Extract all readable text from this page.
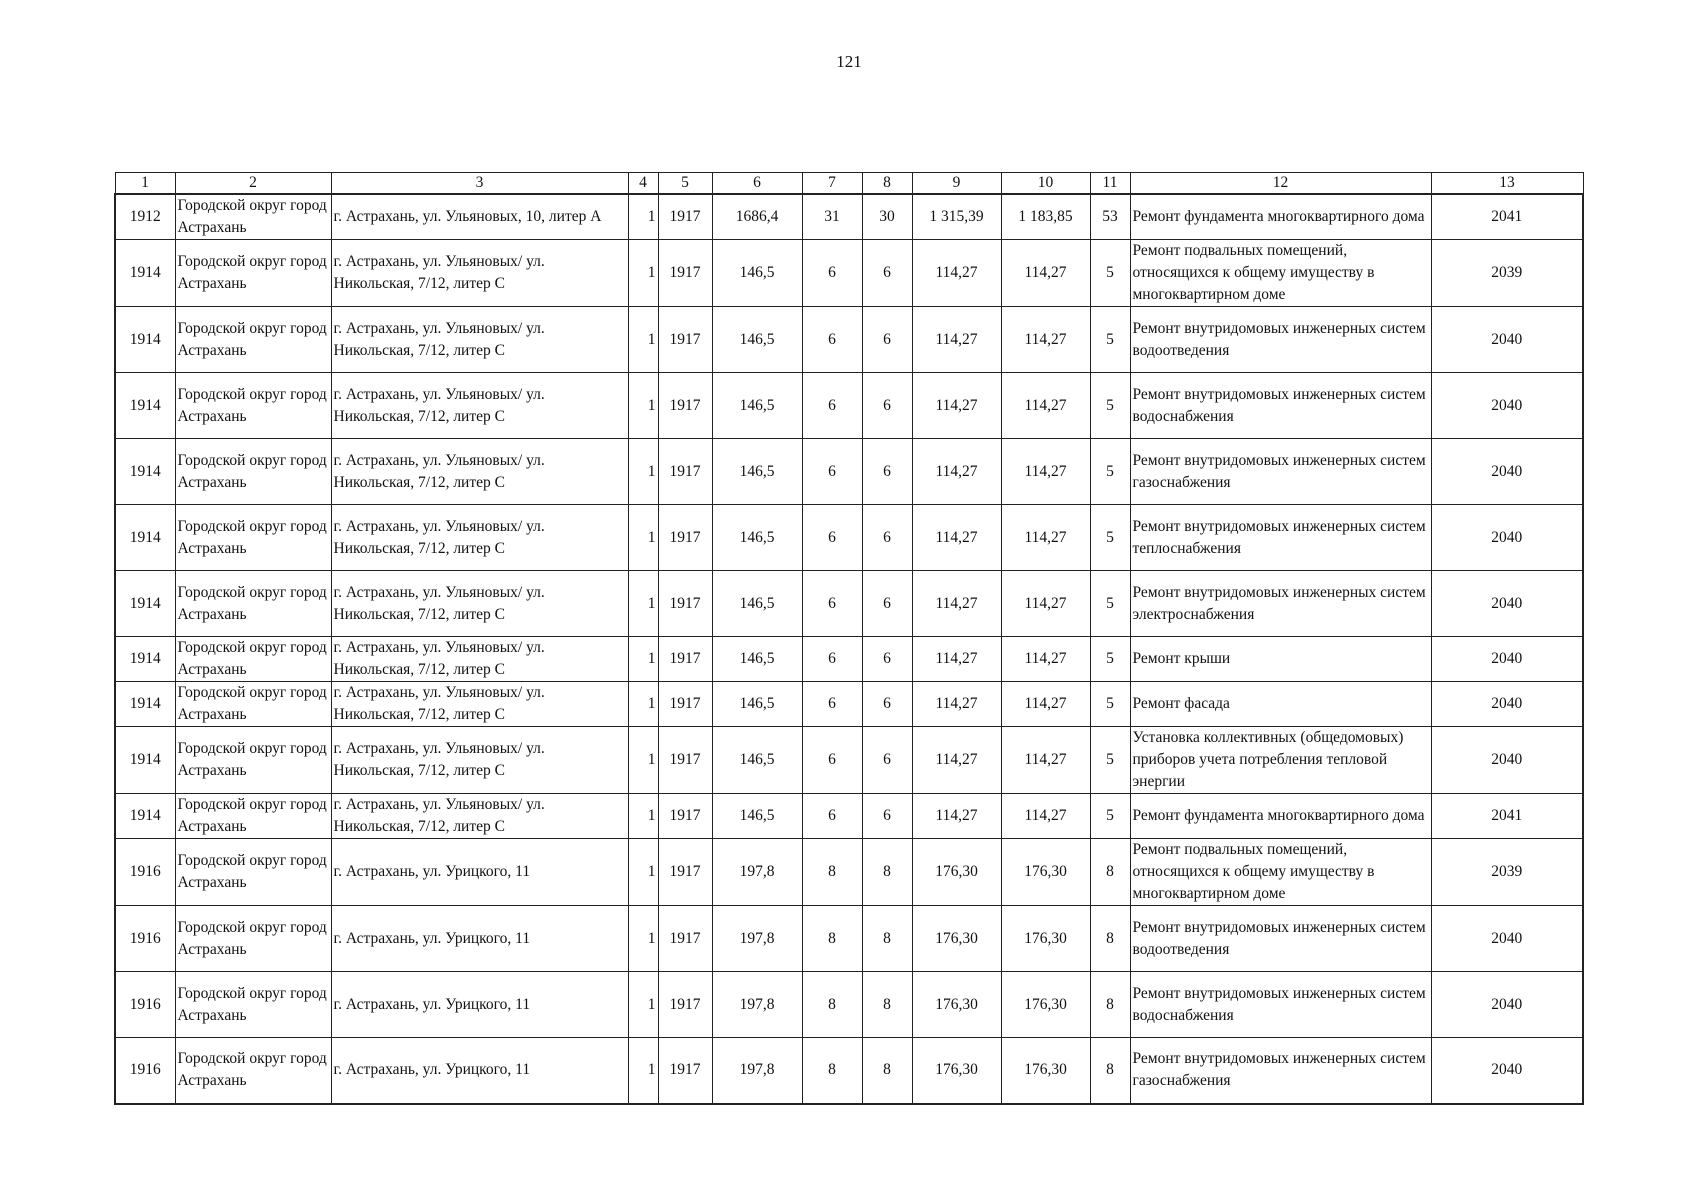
121
1	2	3	4	5	6	7	8	9	10	11	12	13
1912	Городской округ город Астрахань	г. Астрахань, ул. Ульяновых, 10, литер А	1	1917	1686,4	31	30	1 315,39	1 183,85	53	Ремонт фундамента многоквартирного дома	2041
1914	Городской округ город Астрахань	г. Астрахань, ул. Ульяновых/ ул. Никольская, 7/12, литер С	1	1917	146,5	6	6	114,27	114,27	5	Ремонт подвальных помещений, относящихся к общему имуществу в многоквартирном доме	2039
1914	Городской округ город Астрахань	г. Астрахань, ул. Ульяновых/ ул. Никольская, 7/12, литер С	1	1917	146,5	6	6	114,27	114,27	5	Ремонт внутридомовых инженерных систем водоотведения	2040
1914	Городской округ город Астрахань	г. Астрахань, ул. Ульяновых/ ул. Никольская, 7/12, литер С	1	1917	146,5	6	6	114,27	114,27	5	Ремонт внутридомовых инженерных систем водоснабжения	2040
1914	Городской округ город Астрахань	г. Астрахань, ул. Ульяновых/ ул. Никольская, 7/12, литер С	1	1917	146,5	6	6	114,27	114,27	5	Ремонт внутридомовых инженерных систем газоснабжения	2040
1914	Городской округ город Астрахань	г. Астрахань, ул. Ульяновых/ ул. Никольская, 7/12, литер С	1	1917	146,5	6	6	114,27	114,27	5	Ремонт внутридомовых инженерных систем теплоснабжения	2040
1914	Городской округ город Астрахань	г. Астрахань, ул. Ульяновых/ ул. Никольская, 7/12, литер С	1	1917	146,5	6	6	114,27	114,27	5	Ремонт внутридомовых инженерных систем электроснабжения	2040
1914	Городской округ город Астрахань	г. Астрахань, ул. Ульяновых/ ул. Никольская, 7/12, литер С	1	1917	146,5	6	6	114,27	114,27	5	Ремонт крыши	2040
1914	Городской округ город Астрахань	г. Астрахань, ул. Ульяновых/ ул. Никольская, 7/12, литер С	1	1917	146,5	6	6	114,27	114,27	5	Ремонт фасада	2040
1914	Городской округ город Астрахань	г. Астрахань, ул. Ульяновых/ ул. Никольская, 7/12, литер С	1	1917	146,5	6	6	114,27	114,27	5	Установка коллективных (общедомовых) приборов учета потребления тепловой энергии	2040
1914	Городской округ город Астрахань	г. Астрахань, ул. Ульяновых/ ул. Никольская, 7/12, литер С	1	1917	146,5	6	6	114,27	114,27	5	Ремонт фундамента многоквартирного дома	2041
1916	Городской округ город Астрахань	г. Астрахань, ул. Урицкого, 11	1	1917	197,8	8	8	176,30	176,30	8	Ремонт подвальных помещений, относящихся к общему имуществу в многоквартирном доме	2039
1916	Городской округ город Астрахань	г. Астрахань, ул. Урицкого, 11	1	1917	197,8	8	8	176,30	176,30	8	Ремонт внутридомовых инженерных систем водоотведения	2040
1916	Городской округ город Астрахань	г. Астрахань, ул. Урицкого, 11	1	1917	197,8	8	8	176,30	176,30	8	Ремонт внутридомовых инженерных систем водоснабжения	2040
1916	Городской округ город Астрахань	г. Астрахань, ул. Урицкого, 11	1	1917	197,8	8	8	176,30	176,30	8	Ремонт внутридомовых инженерных систем газоснабжения	2040
